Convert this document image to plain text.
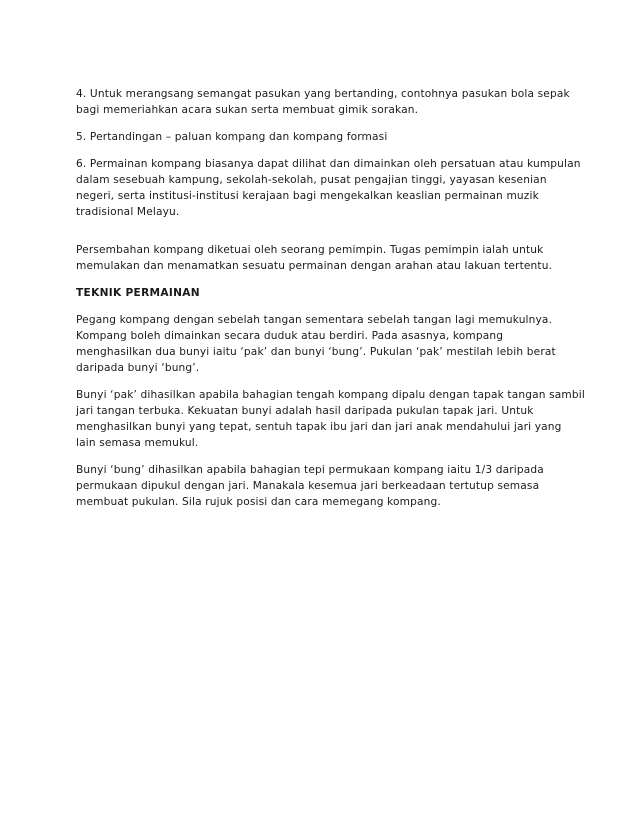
4. Untuk merangsang semangat pasukan yang bertanding, contohnya pasukan bola sepak
bagi memeriahkan acara sukan serta membuat gimik sorakan.

5. Pertandingan – paluan kompang dan kompang formasi

6. Permainan kompang biasanya dapat dilihat dan dimainkan oleh persatuan atau kumpulan
dalam sesebuah kampung, sekolah-sekolah, pusat pengajian tinggi, yayasan kesenian
negeri, serta institusi-institusi kerajaan bagi mengekalkan keaslian permainan muzik
tradisional Melayu.

Persembahan kompang diketuai oleh seorang pemimpin. Tugas pemimpin ialah untuk
memulakan dan menamatkan sesuatu permainan dengan arahan atau lakuan tertentu.

TEKNIK PERMAINAN

Pegang kompang dengan sebelah tangan sementara sebelah tangan lagi memukulnya.
Kompang boleh dimainkan secara duduk atau berdiri. Pada asasnya, kompang
menghasilkan dua bunyi iaitu ‘pak’ dan bunyi ‘bung’. Pukulan ‘pak’ mestilah lebih berat
daripada bunyi ‘bung’.

Bunyi ‘pak’ dihasilkan apabila bahagian tengah kompang dipalu dengan tapak tangan sambil
jari tangan terbuka. Kekuatan bunyi adalah hasil daripada pukulan tapak jari. Untuk
menghasilkan bunyi yang tepat, sentuh tapak ibu jari dan jari anak mendahului jari yang
lain semasa memukul.

Bunyi ‘bung’ dihasilkan apabila bahagian tepi permukaan kompang iaitu 1/3 daripada
permukaan dipukul dengan jari. Manakala kesemua jari berkeadaan tertutup semasa
membuat pukulan. Sila rujuk posisi dan cara memegang kompang.
